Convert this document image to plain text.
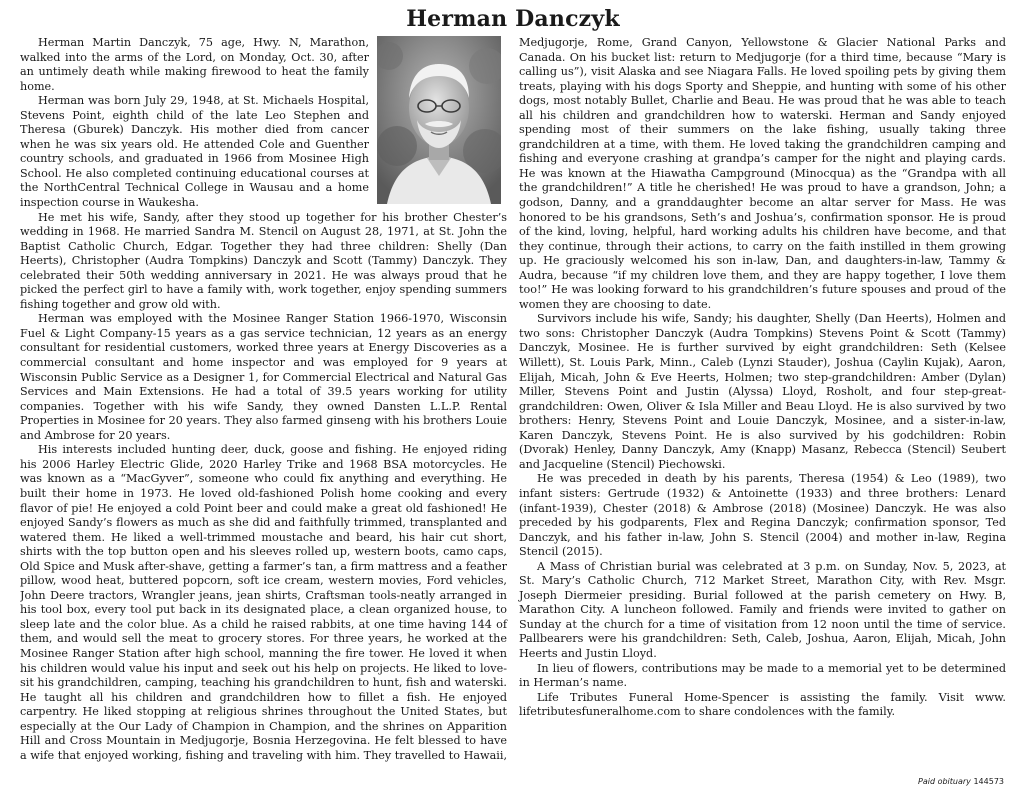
Herman Danczyk

Herman Martin Danczyk, 75 age, Hwy. N, Marathon, walked into the arms of the Lord, on Monday, Oct. 30, after an untimely death while making firewood to heat the family home.

Herman was born July 29, 1948, at St. Michaels Hospital, Stevens Point, eighth child of the late Leo Stephen and Theresa (Gburek) Danczyk. His mother died from cancer when he was six years old. He attended Cole and Guenther country schools, and graduated in 1966 from Mosinee High School. He also completed continuing educational courses at the NorthCentral Technical College in Wausau and a home inspection course in Waukesha.

He met his wife, Sandy, after they stood up together for his brother Chester’s wedding in 1968. He married Sandra M. Stencil on August 28, 1971, at St. John the Baptist Catholic Church, Edgar. Together they had three children: Shelly (Dan Heerts), Christopher (Audra Tompkins) Danczyk and Scott (Tammy) Danczyk. They celebrated their 50th wedding anniversary in 2021. He was always proud that he picked the perfect girl to have a family with, work together, enjoy spending summers fishing together and grow old with.

Herman was employed with the Mosinee Ranger Station 1966-1970, Wisconsin Fuel & Light Company-15 years as a gas service technician, 12 years as an energy consultant for residential customers, worked three years at Energy Discoveries as a commercial consultant and home inspector and was employed for 9 years at Wisconsin Public Service as a Designer 1, for Commercial Electrical and Natural Gas Services and Main Extensions. He had a total of 39.5 years working for utility companies. Together with his wife Sandy, they owned Dansten L.L.P. Rental Properties in Mosinee for 20 years. They also farmed ginseng with his brothers Louie and Ambrose for 20 years.

His interests included hunting deer, duck, goose and fishing. He enjoyed riding his 2006 Harley Electric Glide, 2020 Harley Trike and 1968 BSA motorcycles. He was known as a “MacGyver”, someone who could fix anything and everything. He built their home in 1973. He loved old-fashioned Polish home cooking and every flavor of pie! He enjoyed a cold Point beer and could make a great old fashioned! He enjoyed Sandy’s flowers as much as she did and faithfully trimmed, transplanted and watered them. He liked a well-trimmed moustache and beard, his hair cut short, shirts with the top button open and his sleeves rolled up, western boots, camo caps, Old Spice and Musk after-shave, getting a farmer’s tan, a firm mattress and a feather pillow, wood heat, buttered popcorn, soft ice cream, western movies, Ford vehicles, John Deere tractors, Wrangler jeans, jean shirts, Craftsman tools-neatly arranged in his tool box, every tool put back in its designated place, a clean organized house, to sleep late and the color blue. As a child he raised rabbits, at one time having 144 of them, and would sell the meat to grocery stores. For three years, he worked at the Mosinee Ranger Station after high school, manning the fire tower. He loved it when his children would value his input and seek out his help on projects. He liked to love-sit his grandchildren, camping, teaching his grandchildren to hunt, fish and waterski. He taught all his children and grandchildren how to fillet a fish. He enjoyed carpentry. He liked stopping at religious shrines throughout the United States, but especially at the Our Lady of Champion in Champion, and the shrines on Apparition Hill and Cross Mountain in Medjugorje, Bosnia Herzegovina. He felt blessed to have a wife that enjoyed working, fishing and traveling with him. They travelled to Hawaii, Medjugorje, Rome, Grand Canyon, Yellowstone & Glacier National Parks and Canada. On his bucket list: return to Medjugorje (for a third time, because “Mary is calling us”), visit Alaska and see Niagara Falls. He loved spoiling pets by giving them treats, playing with his dogs Sporty and Sheppie, and hunting with some of his other dogs, most notably Bullet, Charlie and Beau. He was proud that he was able to teach all his children and grandchildren how to waterski. Herman and Sandy enjoyed spending most of their summers on the lake fishing, usually taking three grandchildren at a time, with them. He loved taking the grandchildren camping and fishing and everyone crashing at grandpa’s camper for the night and playing cards. He was known at the Hiawatha Campground (Minocqua) as the “Grandpa with all the grandchildren!” A title he cherished! He was proud to have a grandson, John; a godson, Danny, and a granddaughter become an altar server for Mass. He was honored to be his grandsons, Seth’s and Joshua’s, confirmation sponsor. He is proud of the kind, loving, helpful, hard working adults his children have become, and that they continue, through their actions, to carry on the faith instilled in them growing up. He graciously welcomed his son in-law, Dan, and daughters-in-law, Tammy & Audra, because “if my children love them, and they are happy together, I love them too!” He was looking forward to his grandchildren’s future spouses and proud of the women they are choosing to date.

Survivors include his wife, Sandy; his daughter, Shelly (Dan Heerts), Holmen and two sons: Christopher Danczyk (Audra Tompkins) Stevens Point & Scott (Tammy) Danczyk, Mosinee. He is further survived by eight grandchildren: Seth (Kelsee Willett), St. Louis Park, Minn., Caleb (Lynzi Stauder), Joshua (Caylin Kujak), Aaron, Elijah, Micah, John & Eve Heerts, Holmen; two step-grandchildren: Amber (Dylan) Miller, Stevens Point and Justin (Alyssa) Lloyd, Rosholt, and four step-great-grandchildren: Owen, Oliver & Isla Miller and Beau Lloyd. He is also survived by two brothers: Henry, Stevens Point and Louie Danczyk, Mosinee, and a sister-in-law, Karen Danczyk, Stevens Point. He is also survived by his godchildren: Robin (Dvorak) Henley, Danny Danczyk, Amy (Knapp) Masanz, Rebecca (Stencil) Seubert and Jacqueline (Stencil) Piechowski.

He was preceded in death by his parents, Theresa (1954) & Leo (1989), two infant sisters: Gertrude (1932) & Antoinette (1933) and three brothers: Lenard (infant-1939), Chester (2018) & Ambrose (2018) (Mosinee) Danczyk. He was also preceded by his godparents, Flex and Regina Danczyk; confirmation sponsor, Ted Danczyk, and his father in-law, John S. Stencil (2004) and mother in-law, Regina Stencil (2015).

A Mass of Christian burial was celebrated at 3 p.m. on Sunday, Nov. 5, 2023, at St. Mary’s Catholic Church, 712 Market Street, Marathon City, with Rev. Msgr. Joseph Diermeier presiding. Burial followed at the parish cemetery on Hwy. B, Marathon City. A luncheon followed. Family and friends were invited to gather on Sunday at the church for a time of visitation from 12 noon until the time of service. Pallbearers were his grandchildren: Seth, Caleb, Joshua, Aaron, Elijah, Micah, John Heerts and Justin Lloyd.

In lieu of flowers, contributions may be made to a memorial yet to be determined in Herman’s name.

Life Tributes Funeral Home-Spencer is assisting the family. Visit www. lifetributesfuneralhome.com to share condolences with the family.

Paid obituary 144573
